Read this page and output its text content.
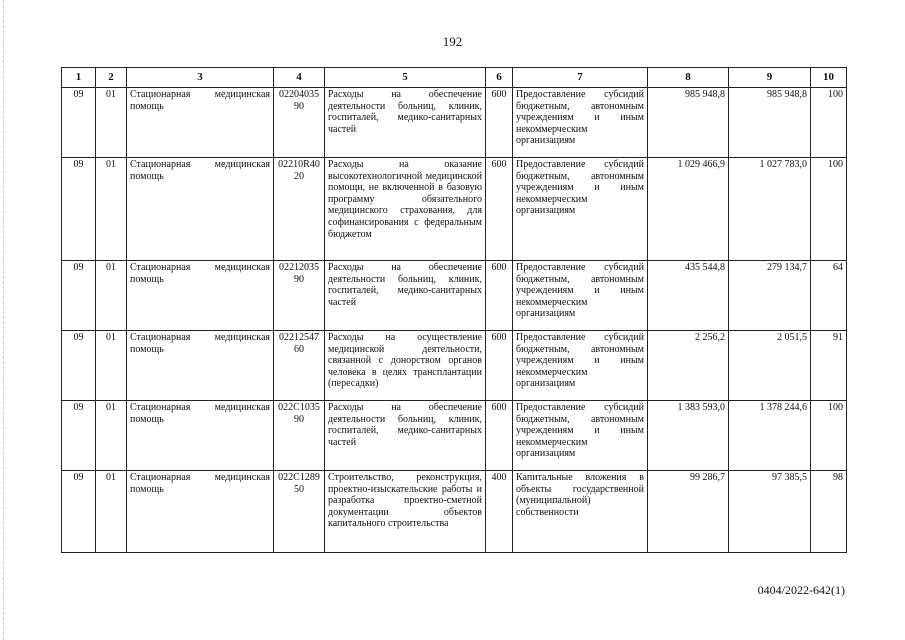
192
1	2	3	4	5	6	7	8	9	10
09	01	Стационарная медицинская помощь	0220403590	Расходы на обеспечение деятельности больниц, клиник, госпиталей, медико-санитарных частей	600	Предоставление субсидий бюджетным, автономным учреждениям и иным некоммерческим организациям	985 948,8	985 948,8	100
09	01	Стационарная медицинская помощь	02210R4020	Расходы на оказание высокотехнологичной медицинской помощи, не включенной в базовую программу обязательного медицинского страхования, для софинансирования с федеральным бюджетом	600	Предоставление субсидий бюджетным, автономным учреждениям и иным некоммерческим организациям	1 029 466,9	1 027 783,0	100
09	01	Стационарная медицинская помощь	0221203590	Расходы на обеспечение деятельности больниц, клиник, госпиталей, медико-санитарных частей	600	Предоставление субсидий бюджетным, автономным учреждениям и иным некоммерческим организациям	435 544,8	279 134,7	64
09	01	Стационарная медицинская помощь	0221254760	Расходы на осуществление медицинской деятельности, связанной с донорством органов человека в целях трансплантации (пересадки)	600	Предоставление субсидий бюджетным, автономным учреждениям и иным некоммерческим организациям	2 256,2	2 051,5	91
09	01	Стационарная медицинская помощь	022С103590	Расходы на обеспечение деятельности больниц, клиник, госпиталей, медико-санитарных частей	600	Предоставление субсидий бюджетным, автономным учреждениям и иным некоммерческим организациям	1 383 593,0	1 378 244,6	100
09	01	Стационарная медицинская помощь	022С128950	Строительство, реконструкция, проектно-изыскательские работы и разработка проектно-сметной документации объектов капитального строительства	400	Капитальные вложения в объекты государственной (муниципальной) собственности	99 286,7	97 385,5	98
0404/2022-642(1)
